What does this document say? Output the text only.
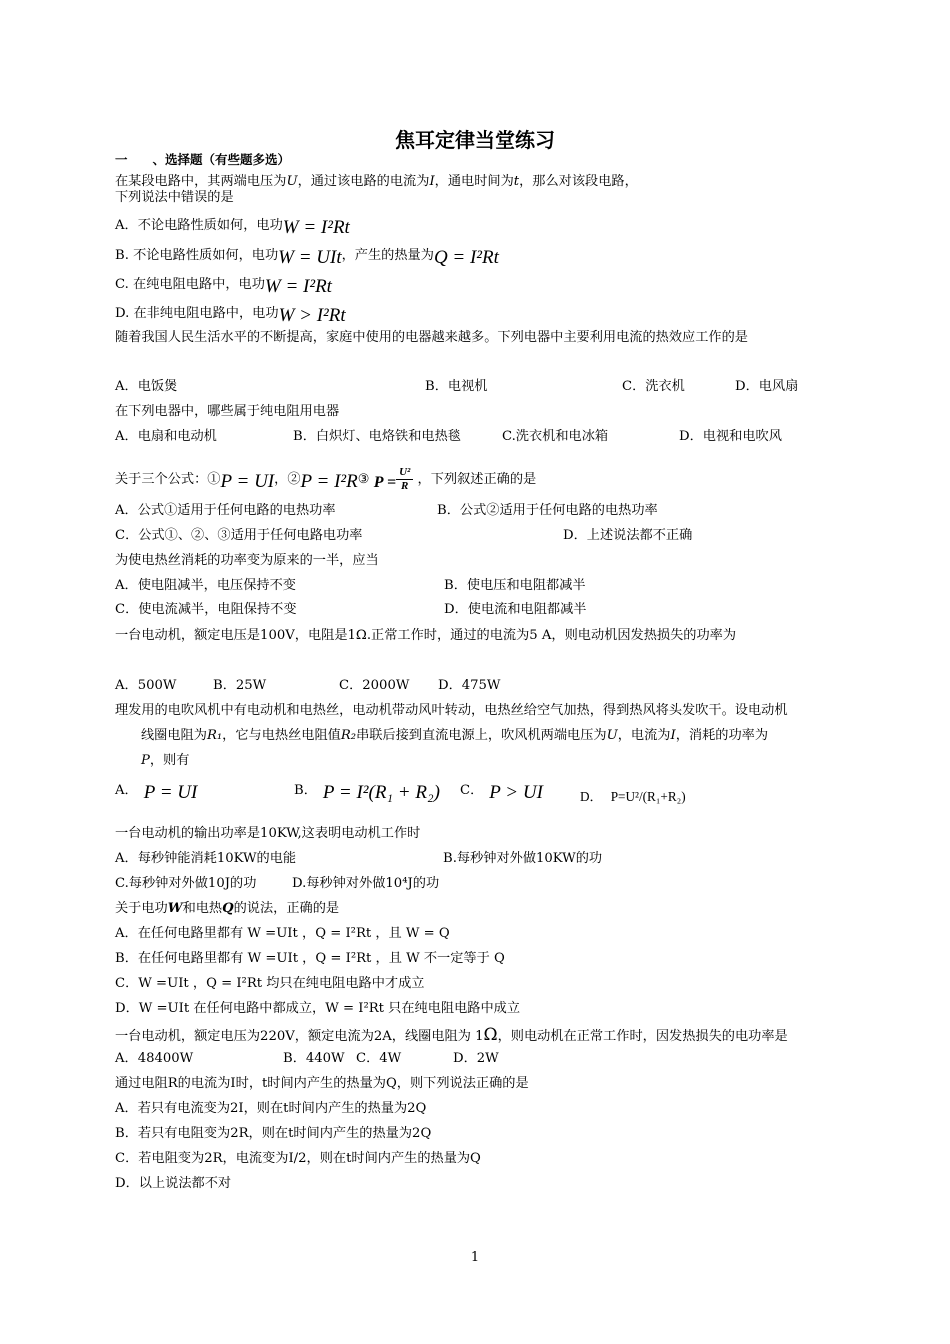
焦耳定律当堂练习
一　　、选择题（有些题多选）
在某段电路中，其两端电压为U，通过该电路的电流为I，通电时间为t，那么对该段电路，
下列说法中错误的是
A．不论电路性质如何，电功W = I²Rt
B. 不论电路性质如何，电功W = UIt，产生的热量为Q = I²Rt
C. 在纯电阻电路中，电功W = I²Rt
D. 在非纯电阻电路中，电功W > I²Rt
随着我国人民生活水平的不断提高，家庭中使用的电器越来越多。下列电器中主要利用电流的热效应工作的是
A．电饭煲	B．电视机	C．洗衣机	D．电风扇
在下列电器中，哪些属于纯电阻用电器
A．电扇和电动机	B．白炽灯、电烙铁和电热毯	C.洗衣机和电冰箱	D．电视和电吹风
关于三个公式：①P = UI，②P = I²R③ $P = \frac{\text{U²}}{R}$ ，下列叙述正确的是
A．公式①适用于任何电路的电热功率	B．公式②适用于任何电路的电热功率
C．公式①、②、③适用于任何电路电功率	D．上述说法都不正确
为使电热丝消耗的功率变为原来的一半，应当
A．使电阻减半，电压保持不变	B．使电压和电阻都减半
C．使电流减半，电阻保持不变	D．使电流和电阻都减半
一台电动机，额定电压是100V，电阻是1Ω.正常工作时，通过的电流为5 A，则电动机因发热损失的功率为
A．500W	B．25W	C．2000W D．475W
理发用的电吹风机中有电动机和电热丝，电动机带动风叶转动，电热丝给空气加热，得到热风将头发吹干。设电动机
线圈电阻为R₁，它与电热丝电阻值R₂串联后接到直流电源上，吹风机两端电压为U，电流为I，消耗的功率为
P，则有
A． P = UI	B． P = I²(R₁ + R₂) C． P > UI	D． P=U²/(R₁+R₂)
一台电动机的输出功率是10KW,这表明电动机工作时
A．每秒钟能消耗10KW的电能	B.每秒钟对外做10KW的功
C.每秒钟对外做10J的功	D.每秒钟对外做10⁴J的功
关于电功W和电热Q的说法，正确的是
A．在任何电路里都有 W =UIt ，Q = I²Rt ，且 W = Q
B．在任何电路里都有 W =UIt ，Q = I²Rt ，且 W 不一定等于 Q
C．W =UIt ，Q = I²Rt 均只在纯电阻电路中才成立
D．W =UIt 在任何电路中都成立，W = I²Rt 只在纯电阻电路中成立
一台电动机，额定电压为220V，额定电流为2A，线圈电阻为 1Ω，则电动机在正常工作时，因发热损失的电功率是
A．48400W	B．440W C．4W	D．2W
通过电阻R的电流为I时，t时间内产生的热量为Q，则下列说法正确的是
A．若只有电流变为2I，则在t时间内产生的热量为2Q
B．若只有电阻变为2R，则在t时间内产生的热量为2Q
C．若电阻变为2R，电流变为I/2，则在t时间内产生的热量为Q
D．以上说法都不对
1
